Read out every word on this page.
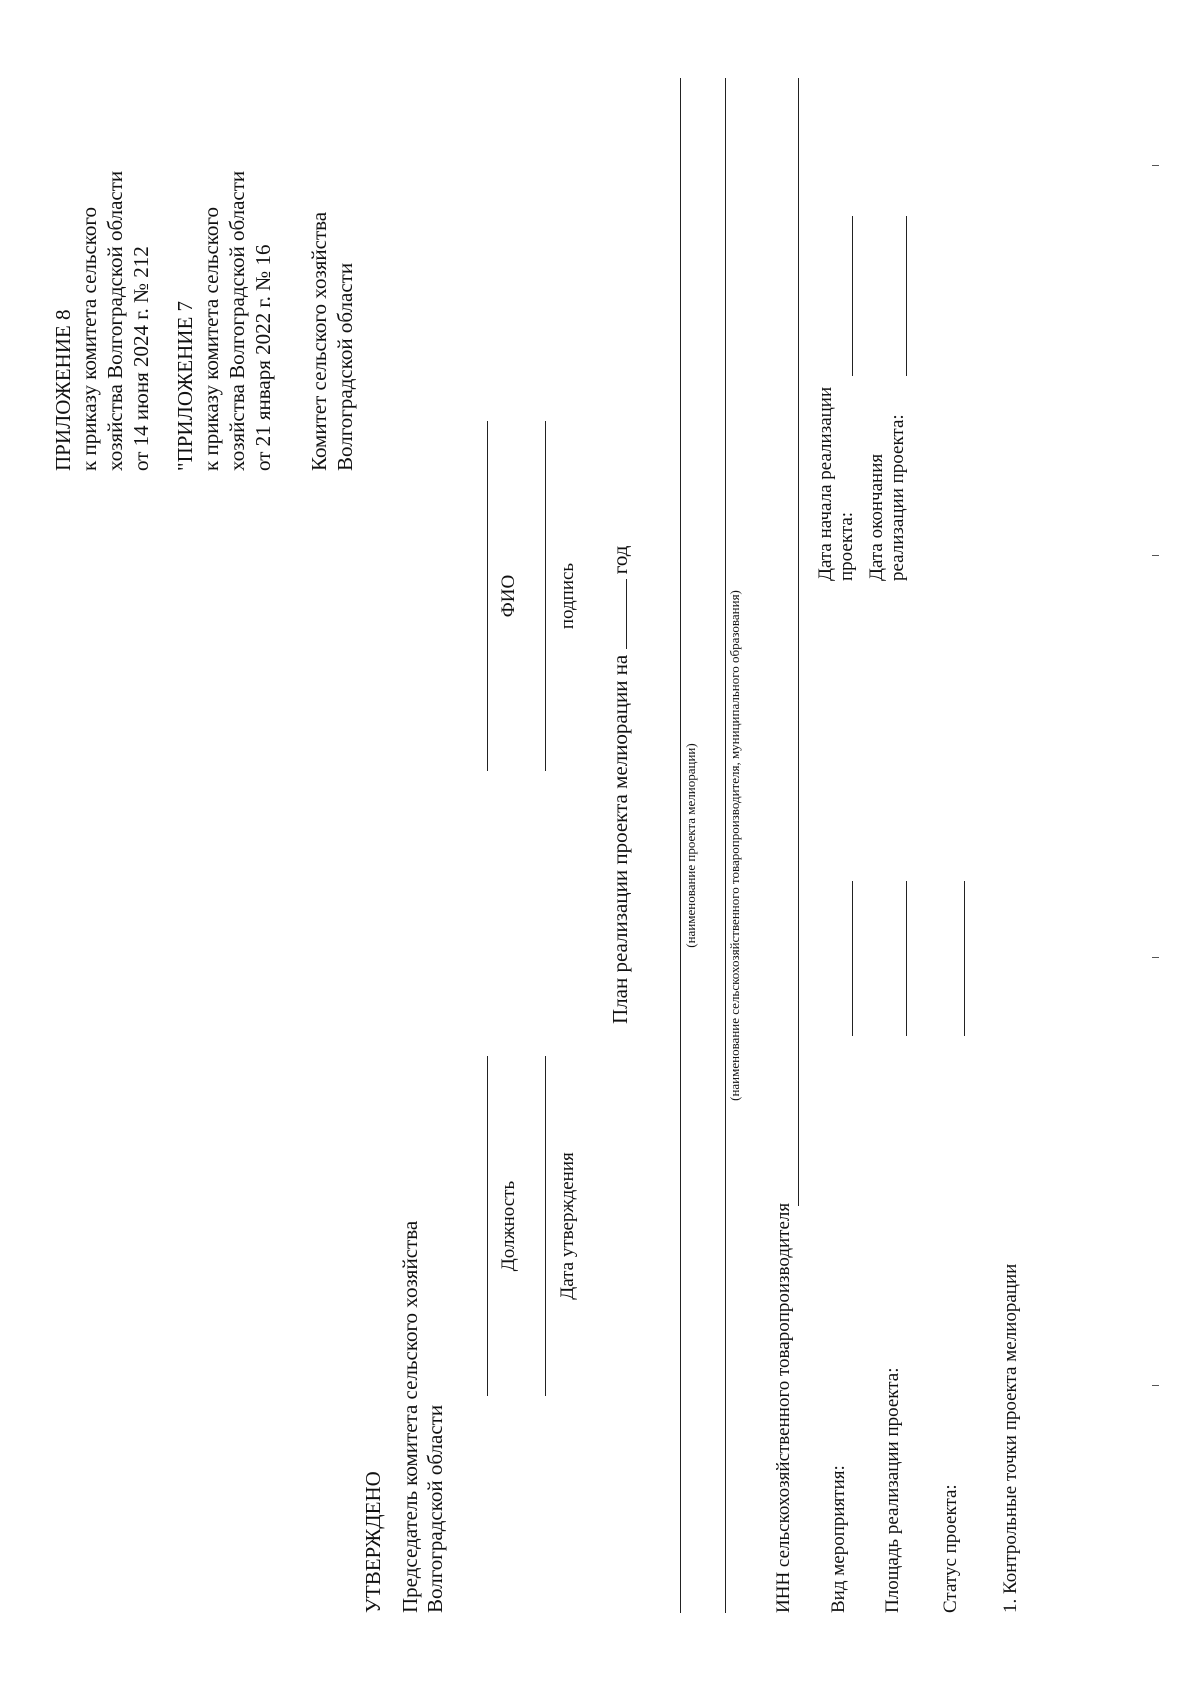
ПРИЛОЖЕНИЕ 8 к приказу комитета сельского хозяйства Волгоградской области от 14 июня 2024 г. № 212 "ПРИЛОЖЕНИЕ 7 к приказу комитета сельского хозяйства Волгоградской области от 21 января 2022 г. № 16 Комитет сельского хозяйства Волгоградской области
УТВЕРЖДЕНО Председатель комитета сельского хозяйства Волгоградской области
Должность
ФИО
Дата утверждения
подпись
План реализации проекта мелиорации на  год
(наименование проекта мелиорации) (наименование сельскохозяйственного товаропроизводителя, муниципального образования)
ИНН сельскохозяйственного товаропроизводителя
Дата начала реализации
проекта: Дата окончания
реализации проекта:
Вид мероприятия: Площадь реализации проекта: Статус проекта: 1. Контрольные точки проекта мелиорации
